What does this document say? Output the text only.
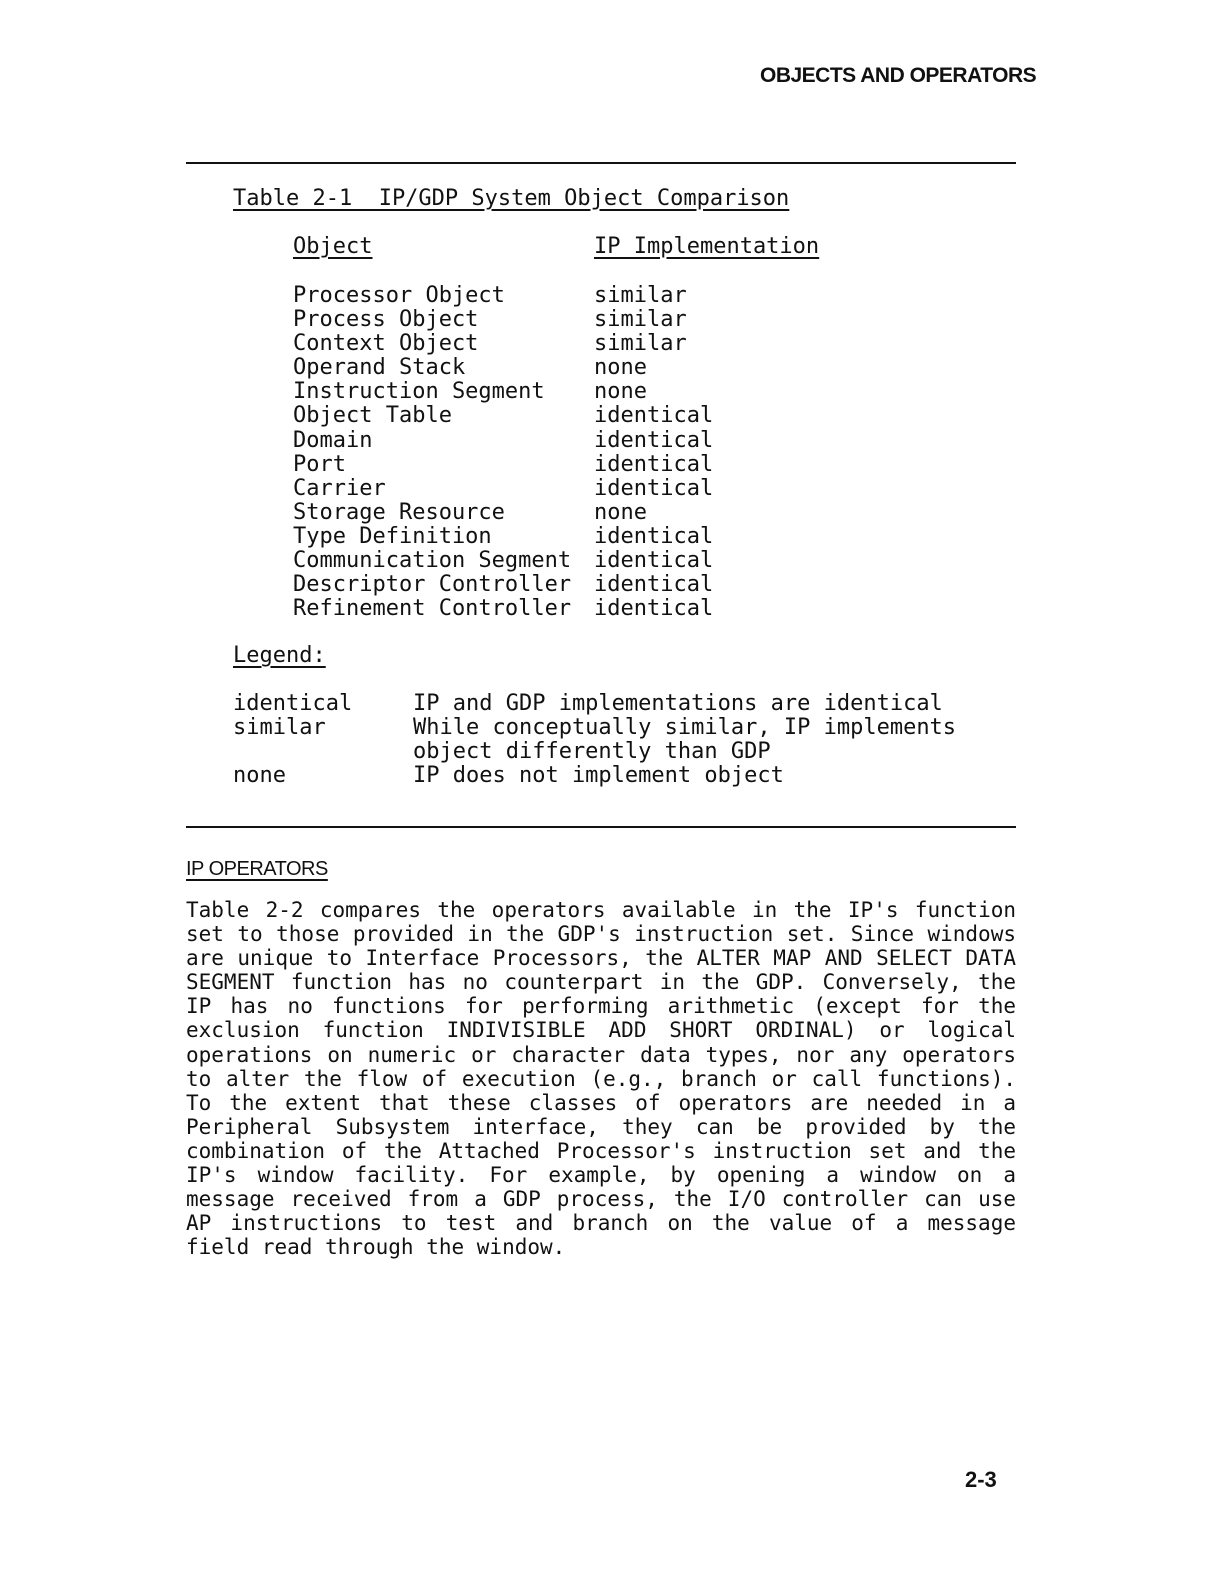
OBJECTS AND OPERATORS
Table 2-1  IP/GDP System Object Comparison
Object	IP Implementation
Processor Object	similar
Process Object	similar
Context Object	similar
Operand Stack	none
Instruction Segment none
Object Table	identical
Domain	identical
Port	identical
Carrier	identical
Storage Resource	none
Type Definition	identical
Communication Segment identical
Descriptor Controller identical
Refinement Controller identical
Legend:
identical	IP and GDP implementations are identical
similar	While conceptually similar, IP implements object differently than GDP
none	IP does not implement object
IP OPERATORS
Table 2-2 compares the operators available in the IP's function set to those provided in the GDP's instruction set. Since windows are unique to Interface Processors, the ALTER MAP AND SELECT DATA SEGMENT function has no counterpart in the GDP. Conversely, the IP has no functions for performing arithmetic (except for the exclusion function INDIVISIBLE ADD SHORT ORDINAL) or logical operations on numeric or character data types, nor any operators to alter the flow of execution (e.g., branch or call functions). To the extent that these classes of operators are needed in a Peripheral Subsystem interface, they can be provided by the combination of the Attached Processor's instruction set and the IP's window facility. For example, by opening a window on a message received from a GDP process, the I/O controller can use AP instructions to test and branch on the value of a message field read through the window.
2-3
